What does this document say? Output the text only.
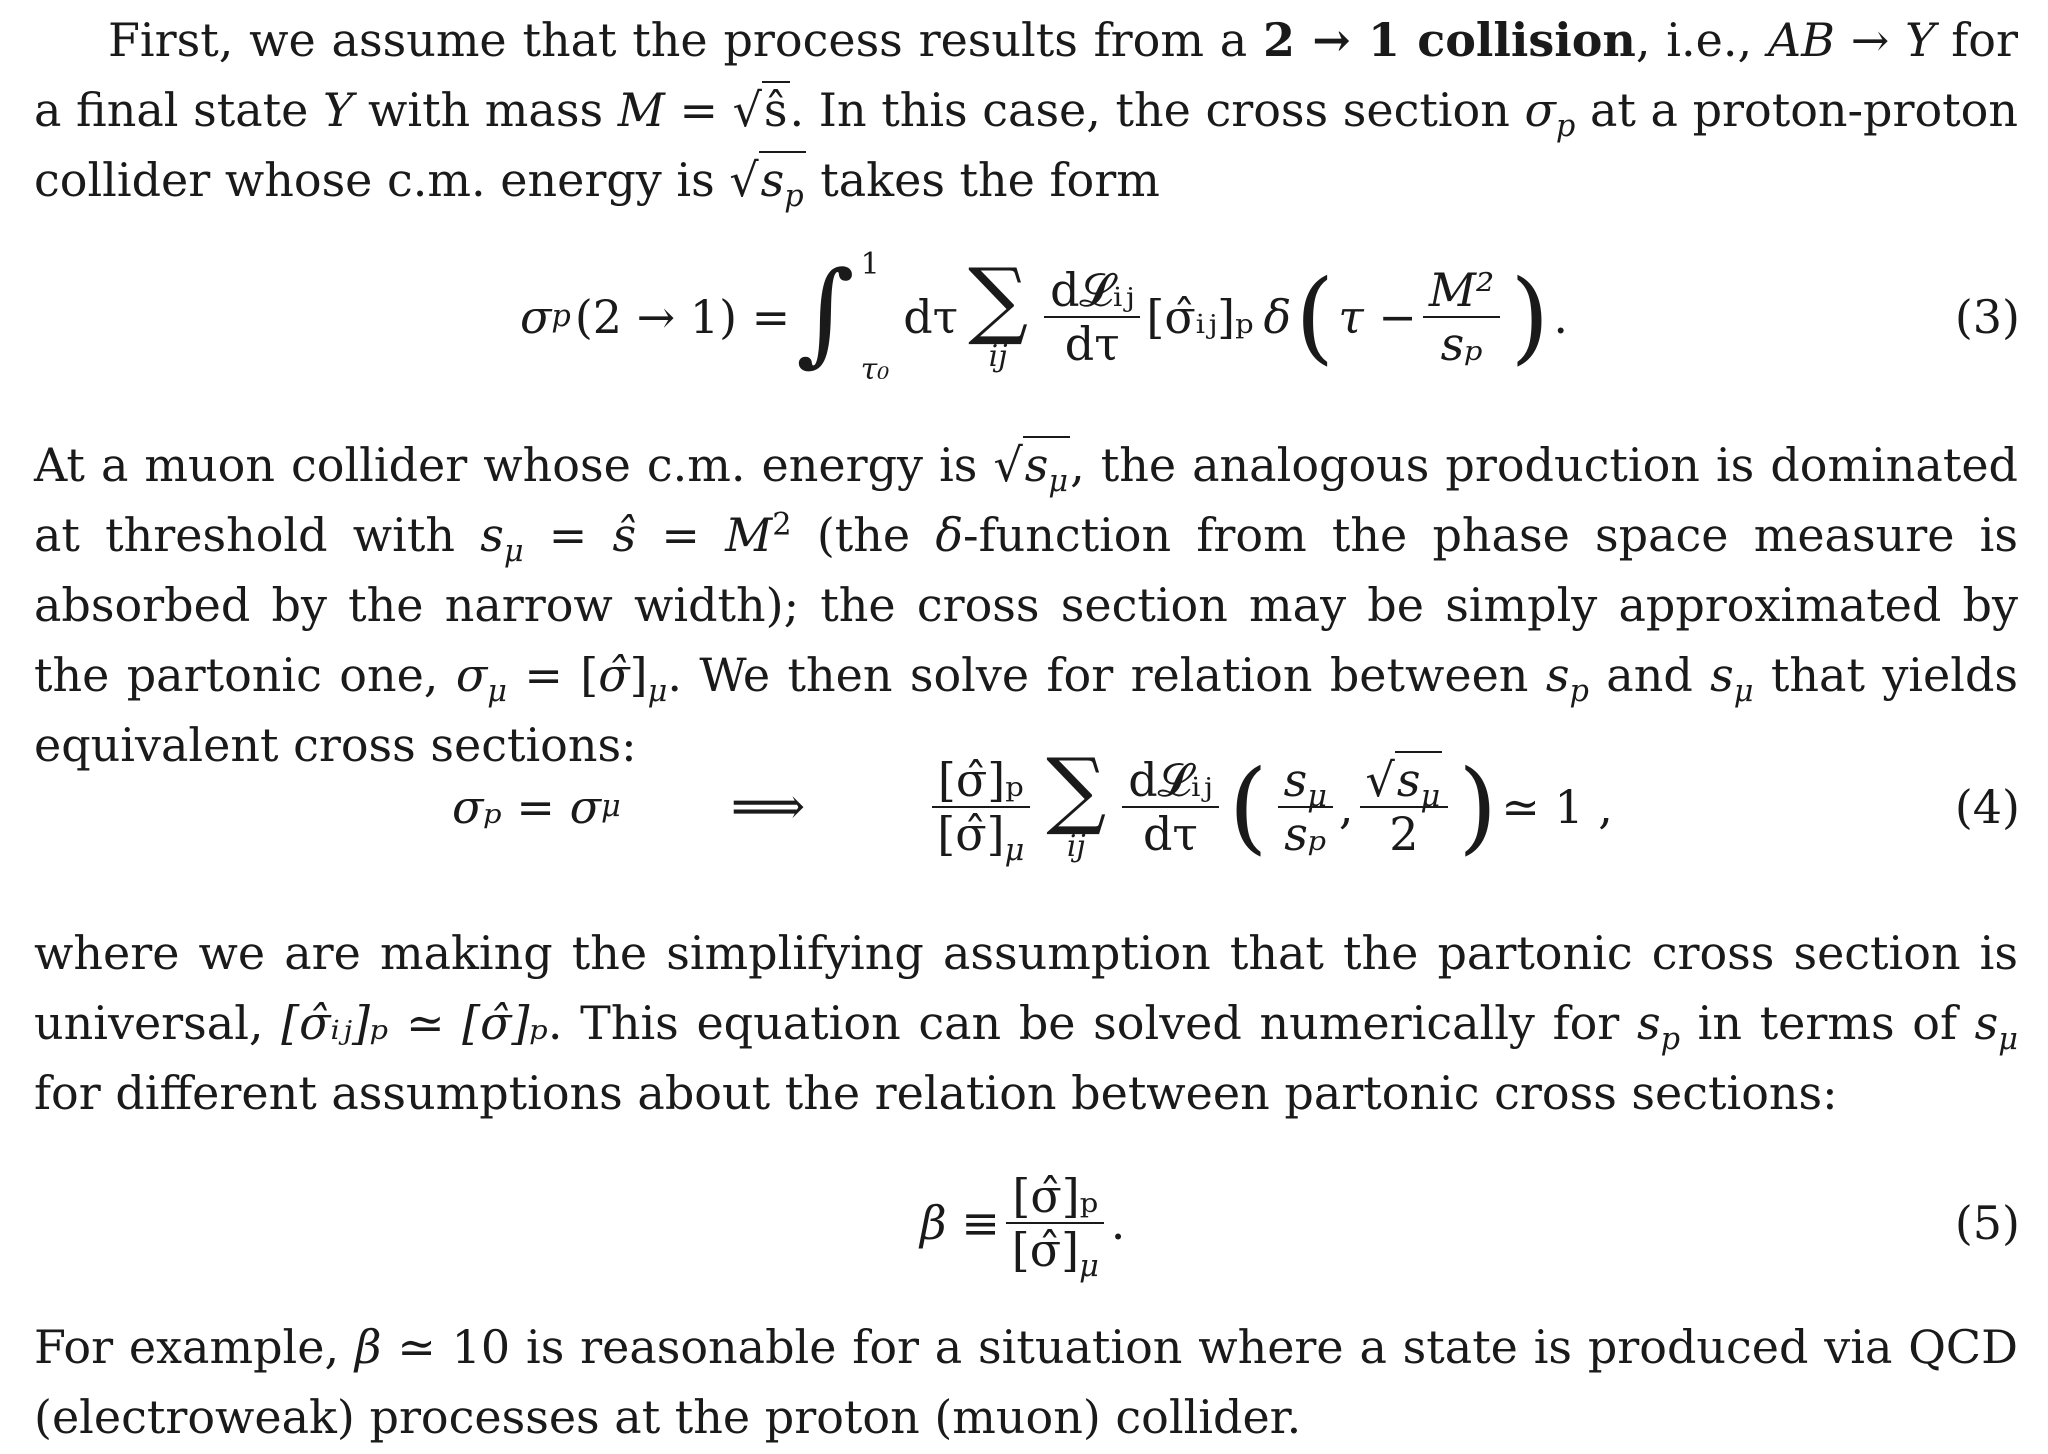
First, we assume that the process results from a 2 → 1 collision, i.e., AB → Y for a final state Y with mass M = √ŝ. In this case, the cross section $\sigma_p$ at a proton-proton collider whose c.m. energy is $√s_p$ takes the form

σ p (2 → 1) = ∫ 1
τ₀
dτ ∑
ij $\frac{\text{d𝓛ᵢⱼ}}{d\tau}$ [σ̂ᵢⱼ]ₚ δ ( $\tau - \frac{\text{M²}}{\text{sₚ}}$ ) .	(3)

At a muon collider whose c.m. energy is $√s_\mu$, the analogous production is dominated at threshold with $s_\mu$ = ŝ = $M^2$ (the δ-function from the phase space measure is absorbed by the narrow width); the cross section may be simply approximated by the partonic one, $\sigma_\mu$ = $[\sigmâ]_\mu$. We then solve for relation between $s_p$ and $s_\mu$ that yields equivalent cross sections:

σₚ = σ μ ⟹	$\frac{\text{[σ̂]ₚ}}{[\sigmâ]_\mu}$ ∑
ij $\frac{\text{d𝓛ᵢⱼ}}{d\tau}$ ( $\frac{s_\mu}{\text{sₚ}}$ , $\frac{√s_\mu}{2}$ ) ≃ 1 ,	(4)

where we are making the simplifying assumption that the partonic cross section is universal, [σ̂ᵢⱼ]ₚ ≃ [σ̂]ₚ. This equation can be solved numerically for $s_p$ in terms of $s_\mu$ for different assumptions about the relation between partonic cross sections:

$\beta \equiv \frac{\text{[σ̂]ₚ}}{[\sigmâ]_\mu}$ .	(5)

For example, β ≃ 10 is reasonable for a situation where a state is produced via QCD (electroweak) processes at the proton (muon) collider.
